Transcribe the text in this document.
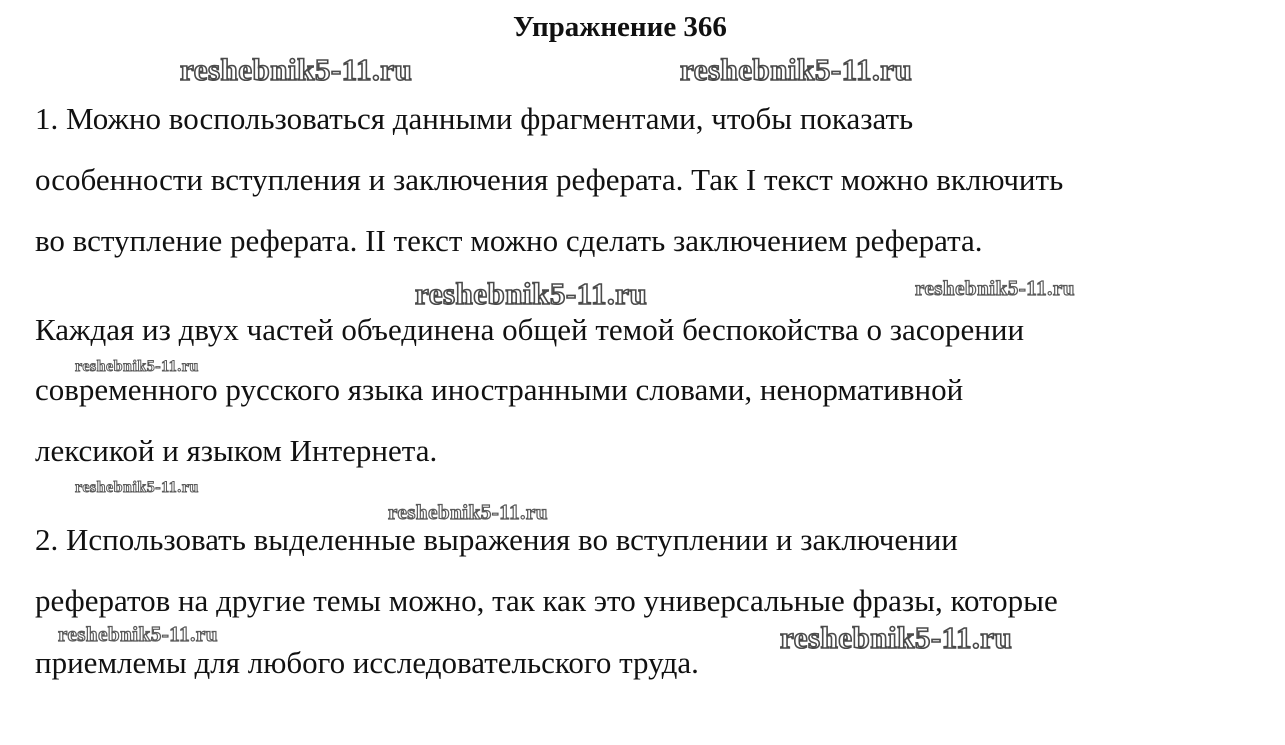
Упражнение 366
reshebnik5-11.ru	reshebnik5-11.ru
reshebnik5-11.ru	reshebnik5-11.ru
reshebnik5-11.ru
reshebnik5-11.ru
reshebnik5-11.ru
reshebnik5-11.ru	reshebnik5-11.ru
1. Можно воспользоваться данными фрагментами, чтобы показать
особенности вступления и заключения реферата. Так I текст можно включить
во вступление реферата. II текст можно сделать заключением реферата.
Каждая из двух частей объединена общей темой беспокойства о засорении
современного русского языка иностранными словами, ненормативной
лексикой и языком Интернета.
2. Использовать выделенные выражения во вступлении и заключении
рефератов на другие темы можно, так как это универсальные фразы, которые
приемлемы для любого исследовательского труда.
